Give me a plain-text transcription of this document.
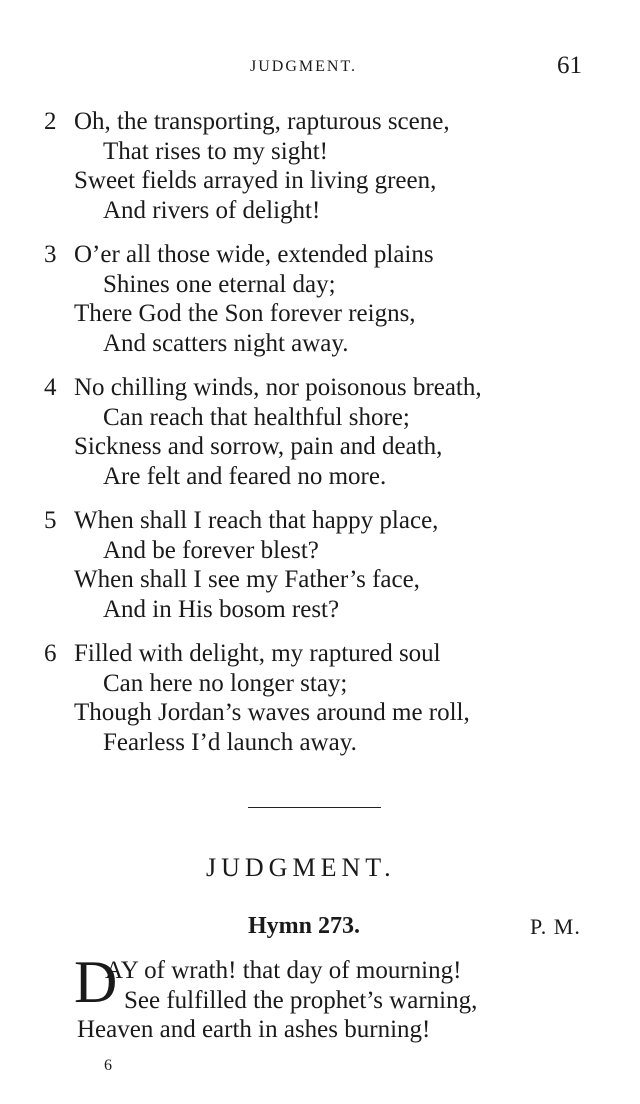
JUDGMENT.	61
2 Oh, the transporting, rapturous scene,
That rises to my sight!
Sweet fields arrayed in living green,
And rivers of delight!
3 O’er all those wide, extended plains
Shines one eternal day;
There God the Son forever reigns,
And scatters night away.
4 No chilling winds, nor poisonous breath,
Can reach that healthful shore;
Sickness and sorrow, pain and death,
Are felt and feared no more.
5 When shall I reach that happy place,
And be forever blest?
When shall I see my Father’s face,
And in His bosom rest?
6 Filled with delight, my raptured soul
Can here no longer stay;
Though Jordan’s waves around me roll,
Fearless I’d launch away.
JUDGMENT.
Hymn 273.	P. M.
D
AY of wrath! that day of mourning!
See fulfilled the prophet’s warning,
Heaven and earth in ashes burning!
6
